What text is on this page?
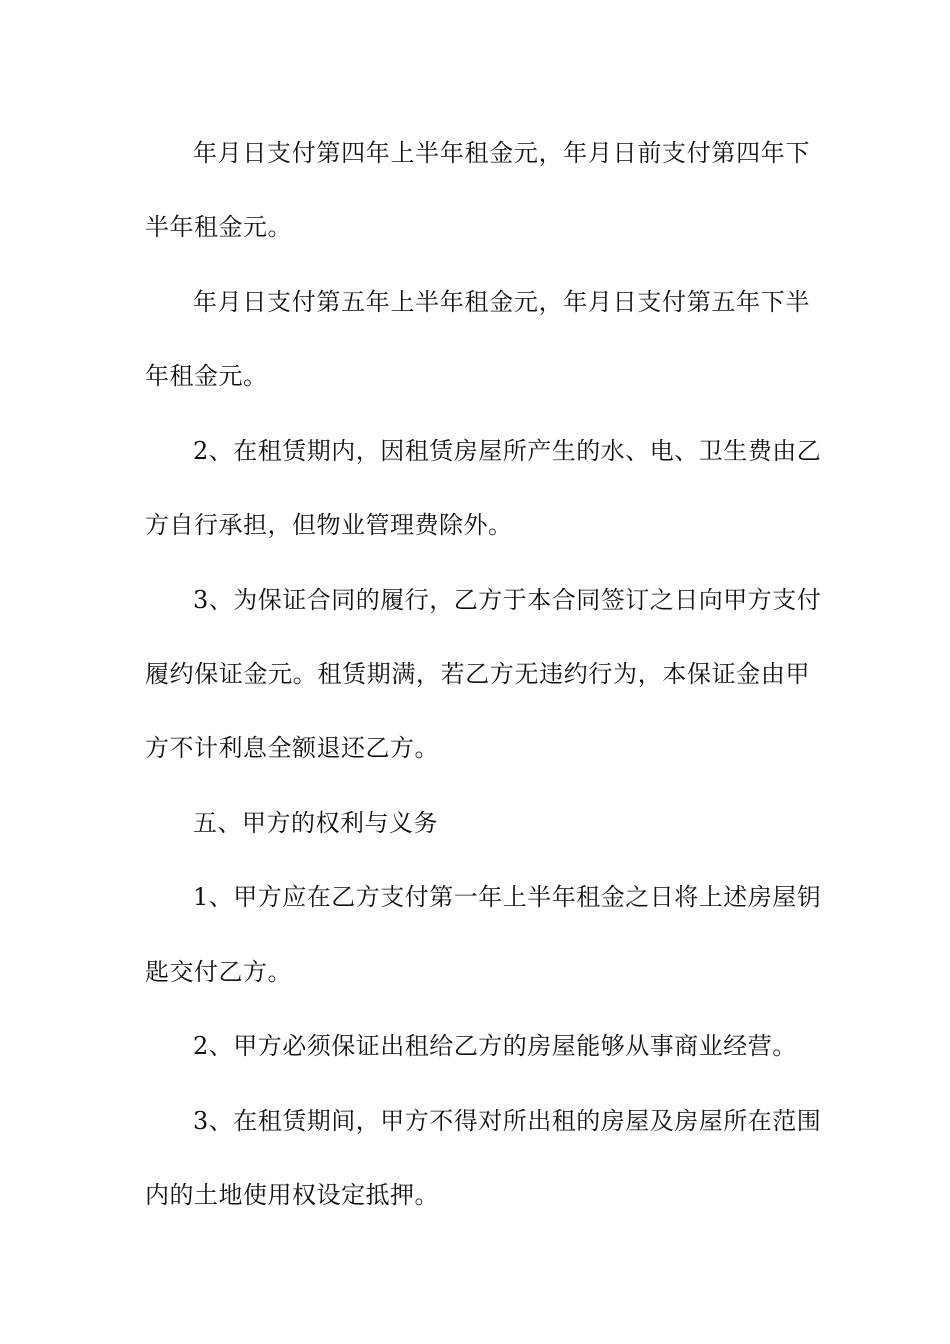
年月日支付第四年上半年租金元，年月日前支付第四年下
半年租金元。
年月日支付第五年上半年租金元，年月日支付第五年下半
年租金元。
2、在租赁期内，因租赁房屋所产生的水、电、卫生费由乙
方自行承担，但物业管理费除外。
3、为保证合同的履行，乙方于本合同签订之日向甲方支付
履约保证金元。租赁期满，若乙方无违约行为，本保证金由甲
方不计利息全额退还乙方。
五、甲方的权利与义务
1、甲方应在乙方支付第一年上半年租金之日将上述房屋钥
匙交付乙方。
2、甲方必须保证出租给乙方的房屋能够从事商业经营。
3、在租赁期间，甲方不得对所出租的房屋及房屋所在范围
内的土地使用权设定抵押。
